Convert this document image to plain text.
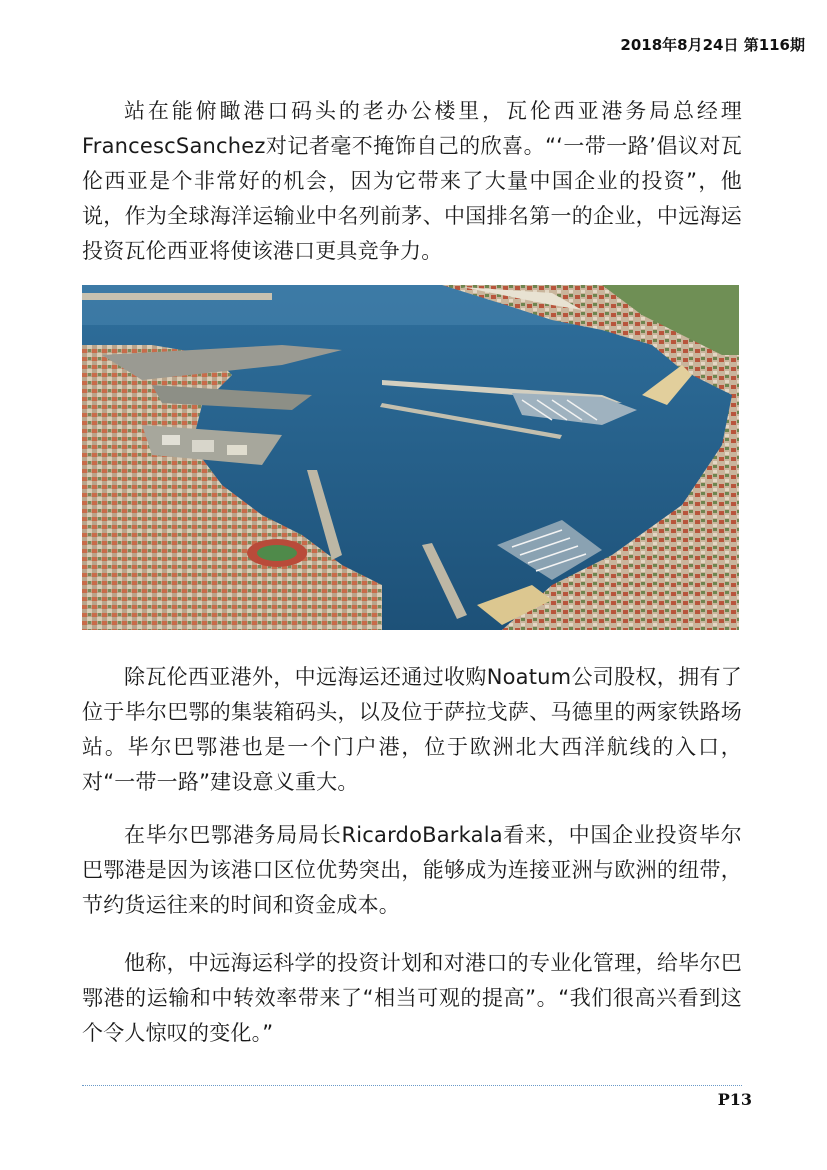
2018年8月24日 第116期

站在能俯瞰港口码头的老办公楼里，瓦伦西亚港务局总经理FrancescSanchez对记者毫不掩饰自己的欣喜。“‘一带一路’倡议对瓦伦西亚是个非常好的机会，因为它带来了大量中国企业的投资”，他说，作为全球海洋运输业中名列前茅、中国排名第一的企业，中远海运投资瓦伦西亚将使该港口更具竞争力。

除瓦伦西亚港外，中远海运还通过收购Noatum公司股权，拥有了位于毕尔巴鄂的集装箱码头，以及位于萨拉戈萨、马德里的两家铁路场站。毕尔巴鄂港也是一个门户港，位于欧洲北大西洋航线的入口，对“一带一路”建设意义重大。

在毕尔巴鄂港务局局长RicardoBarkala看来，中国企业投资毕尔巴鄂港是因为该港口区位优势突出，能够成为连接亚洲与欧洲的纽带，节约货运往来的时间和资金成本。

他称，中远海运科学的投资计划和对港口的专业化管理，给毕尔巴鄂港的运输和中转效率带来了“相当可观的提高”。“我们很高兴看到这个令人惊叹的变化。”

P13
